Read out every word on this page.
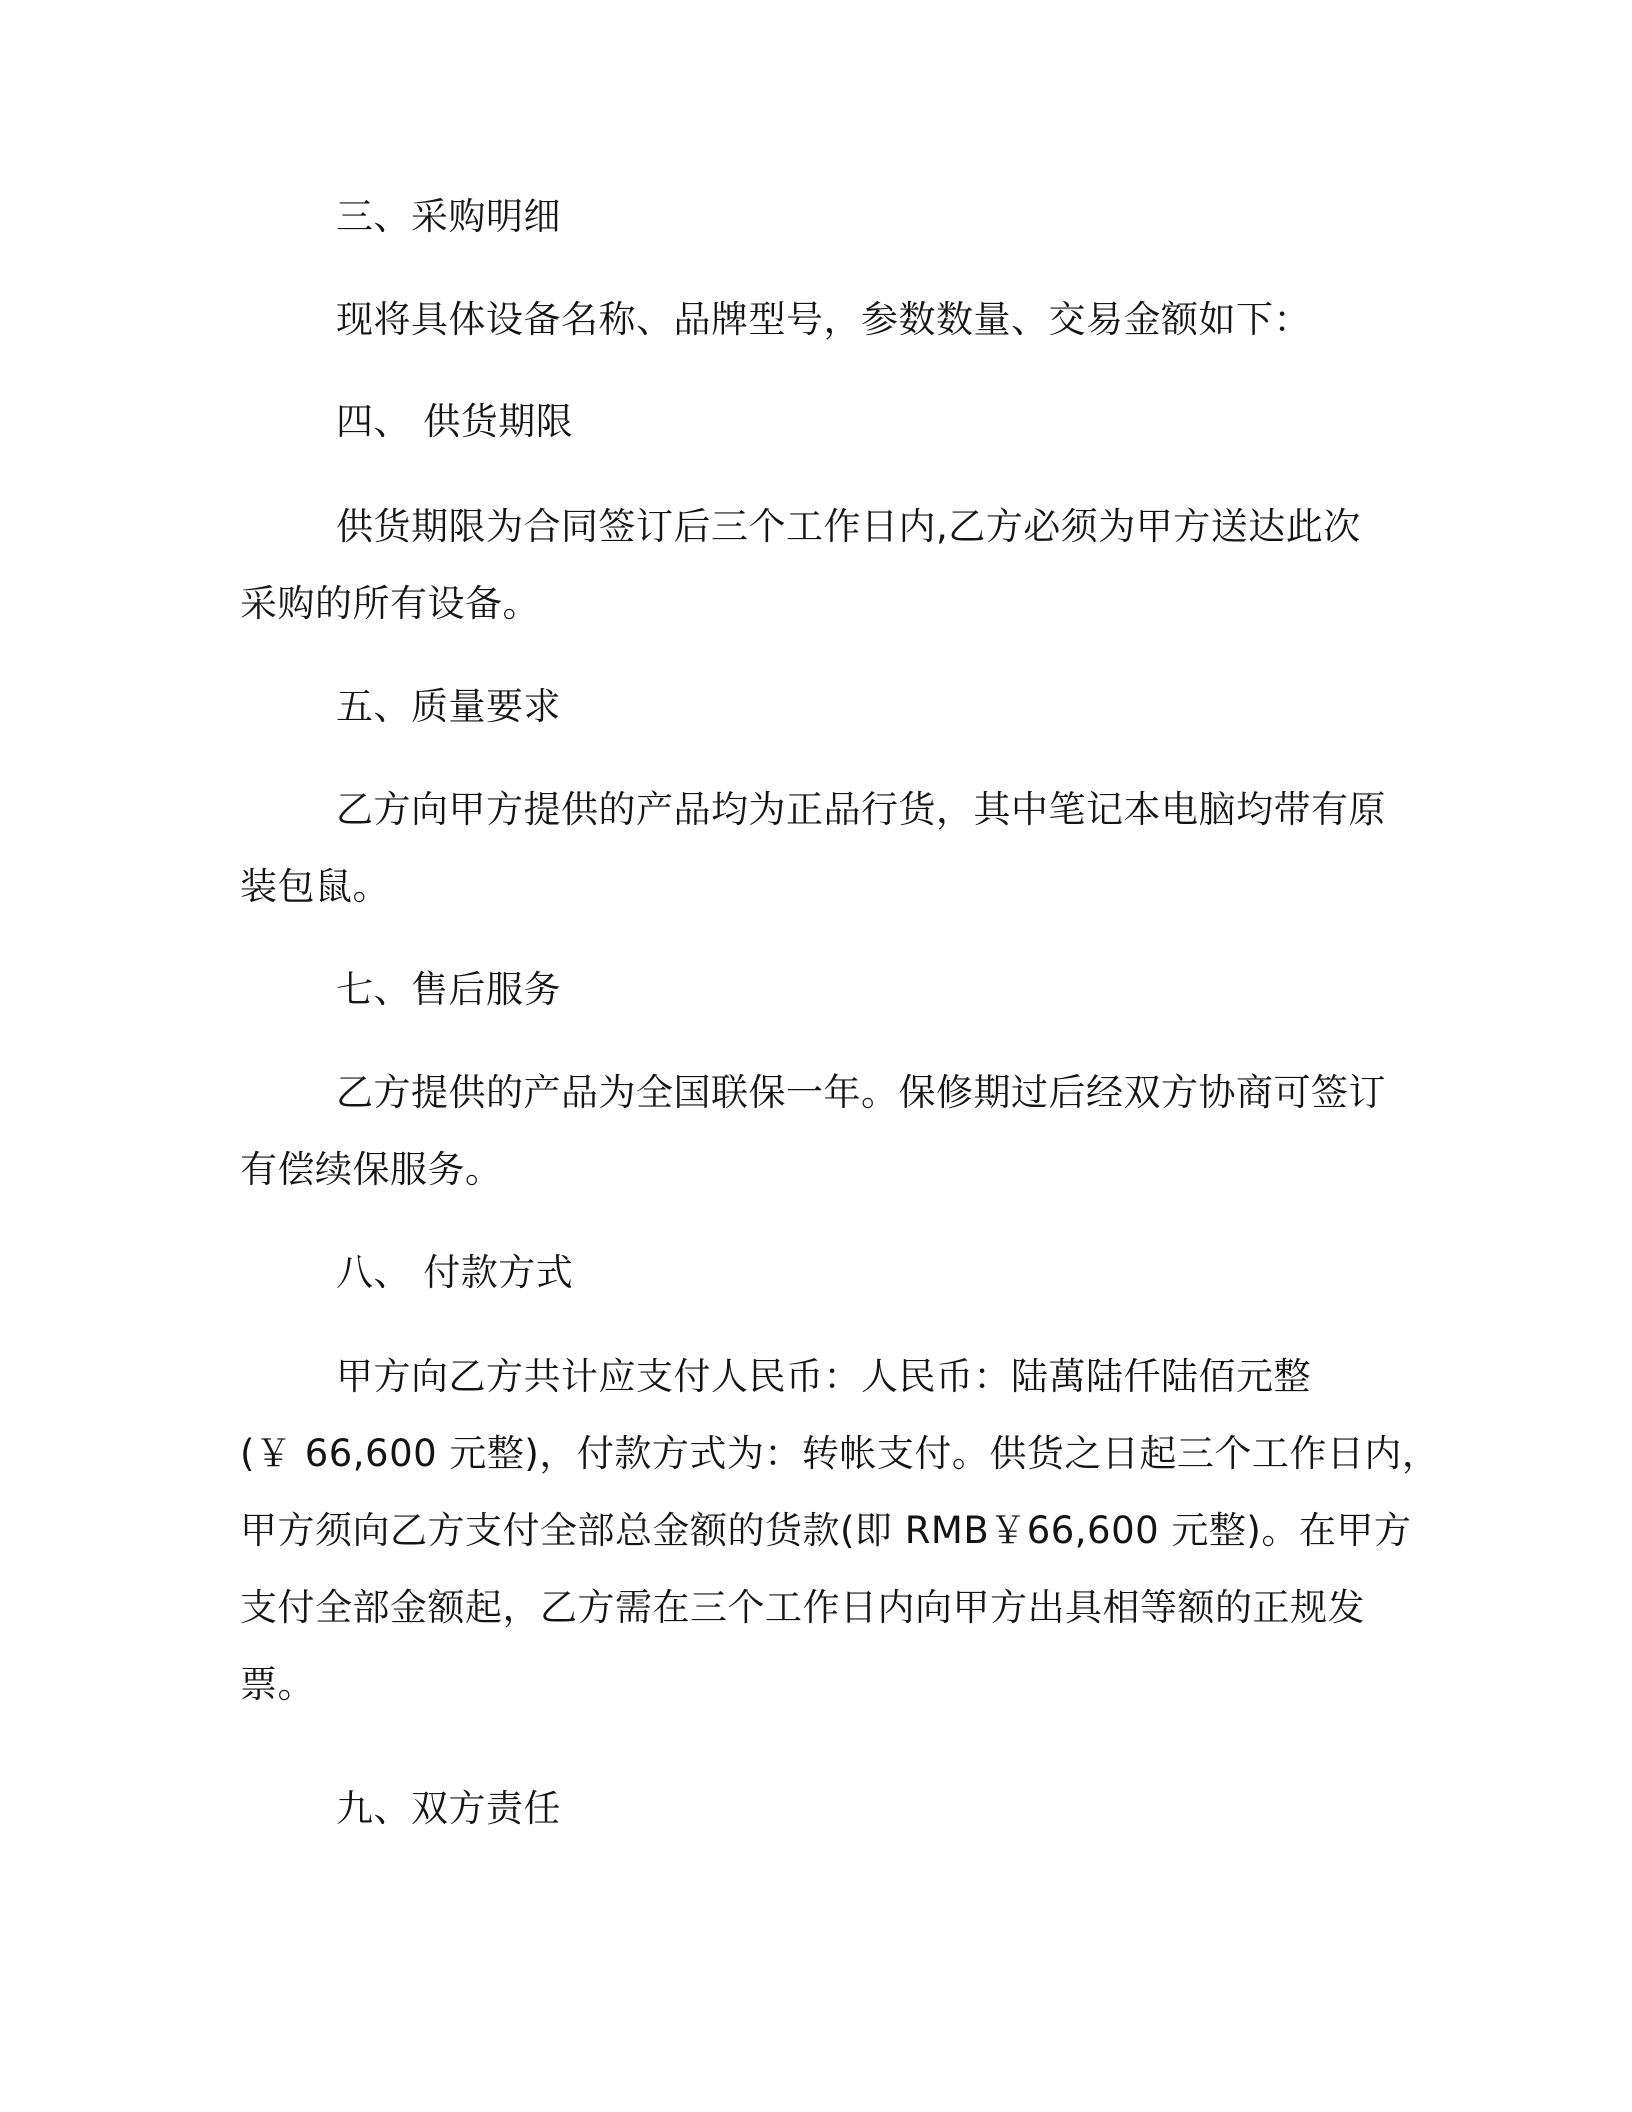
三、采购明细
现将具体设备名称、品牌型号，参数数量、交易金额如下：
四、 供货期限
供货期限为合同签订后三个工作日内,乙方必须为甲方送达此次
采购的所有设备。
五、质量要求
乙方向甲方提供的产品均为正品行货，其中笔记本电脑均带有原
装包鼠。
七、售后服务
乙方提供的产品为全国联保一年。保修期过后经双方协商可签订
有偿续保服务。
八、 付款方式
甲方向乙方共计应支付人民币：人民币：陆萬陆仟陆佰元整
(￥ 66,600 元整)，付款方式为：转帐支付。供货之日起三个工作日内，
甲方须向乙方支付全部总金额的货款(即 RMB￥66,600 元整)。在甲方
支付全部金额起，乙方需在三个工作日内向甲方出具相等额的正规发
票。
九、双方责任
